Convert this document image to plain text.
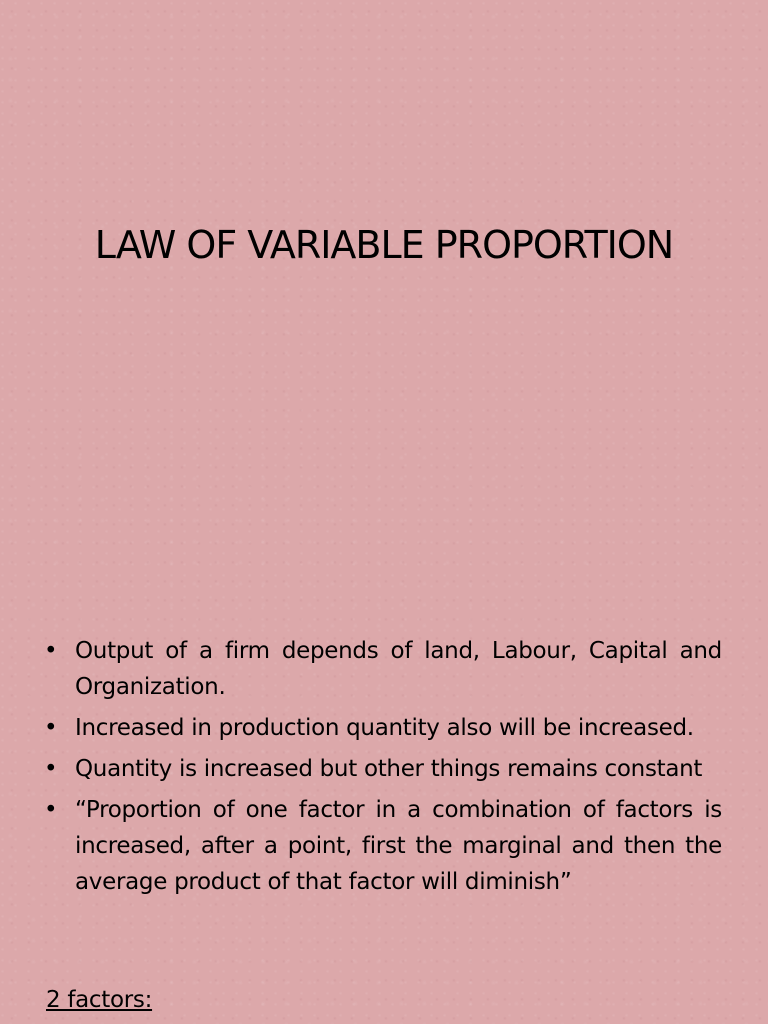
LAW OF VARIABLE PROPORTION
• Output of a firm depends of land, Labour, Capital and Organization.
• Increased in production quantity also will be increased.
• Quantity is increased but other things remains constant
• “Proportion of one factor in a combination of factors is increased, after a point, first the marginal and then the average product of that factor will diminish”

2 factors:
